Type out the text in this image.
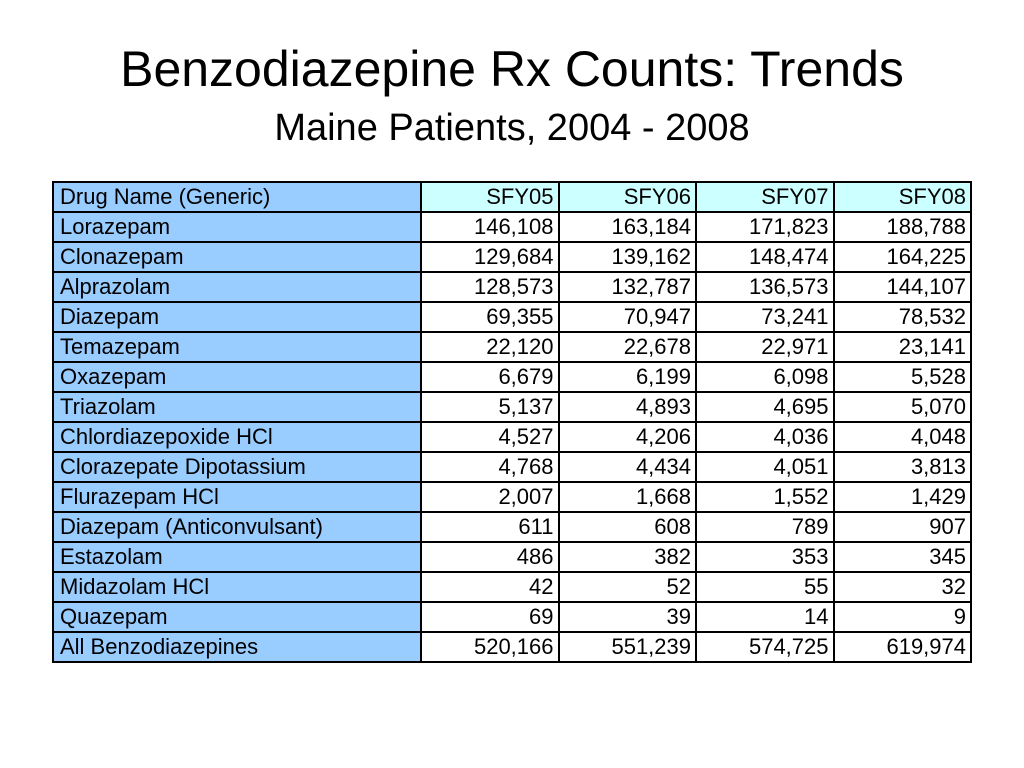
Benzodiazepine Rx Counts: Trends
Maine Patients, 2004 - 2008
Drug Name (Generic)	SFY05	SFY06	SFY07	SFY08
Lorazepam	146,108	163,184	171,823	188,788
Clonazepam	129,684	139,162	148,474	164,225
Alprazolam	128,573	132,787	136,573	144,107
Diazepam	69,355	70,947	73,241	78,532
Temazepam	22,120	22,678	22,971	23,141
Oxazepam	6,679	6,199	6,098	5,528
Triazolam	5,137	4,893	4,695	5,070
Chlordiazepoxide HCl	4,527	4,206	4,036	4,048
Clorazepate Dipotassium	4,768	4,434	4,051	3,813
Flurazepam HCl	2,007	1,668	1,552	1,429
Diazepam (Anticonvulsant)	611	608	789	907
Estazolam	486	382	353	345
Midazolam HCl	42	52	55	32
Quazepam	69	39	14	9
All Benzodiazepines	520,166	551,239	574,725	619,974
